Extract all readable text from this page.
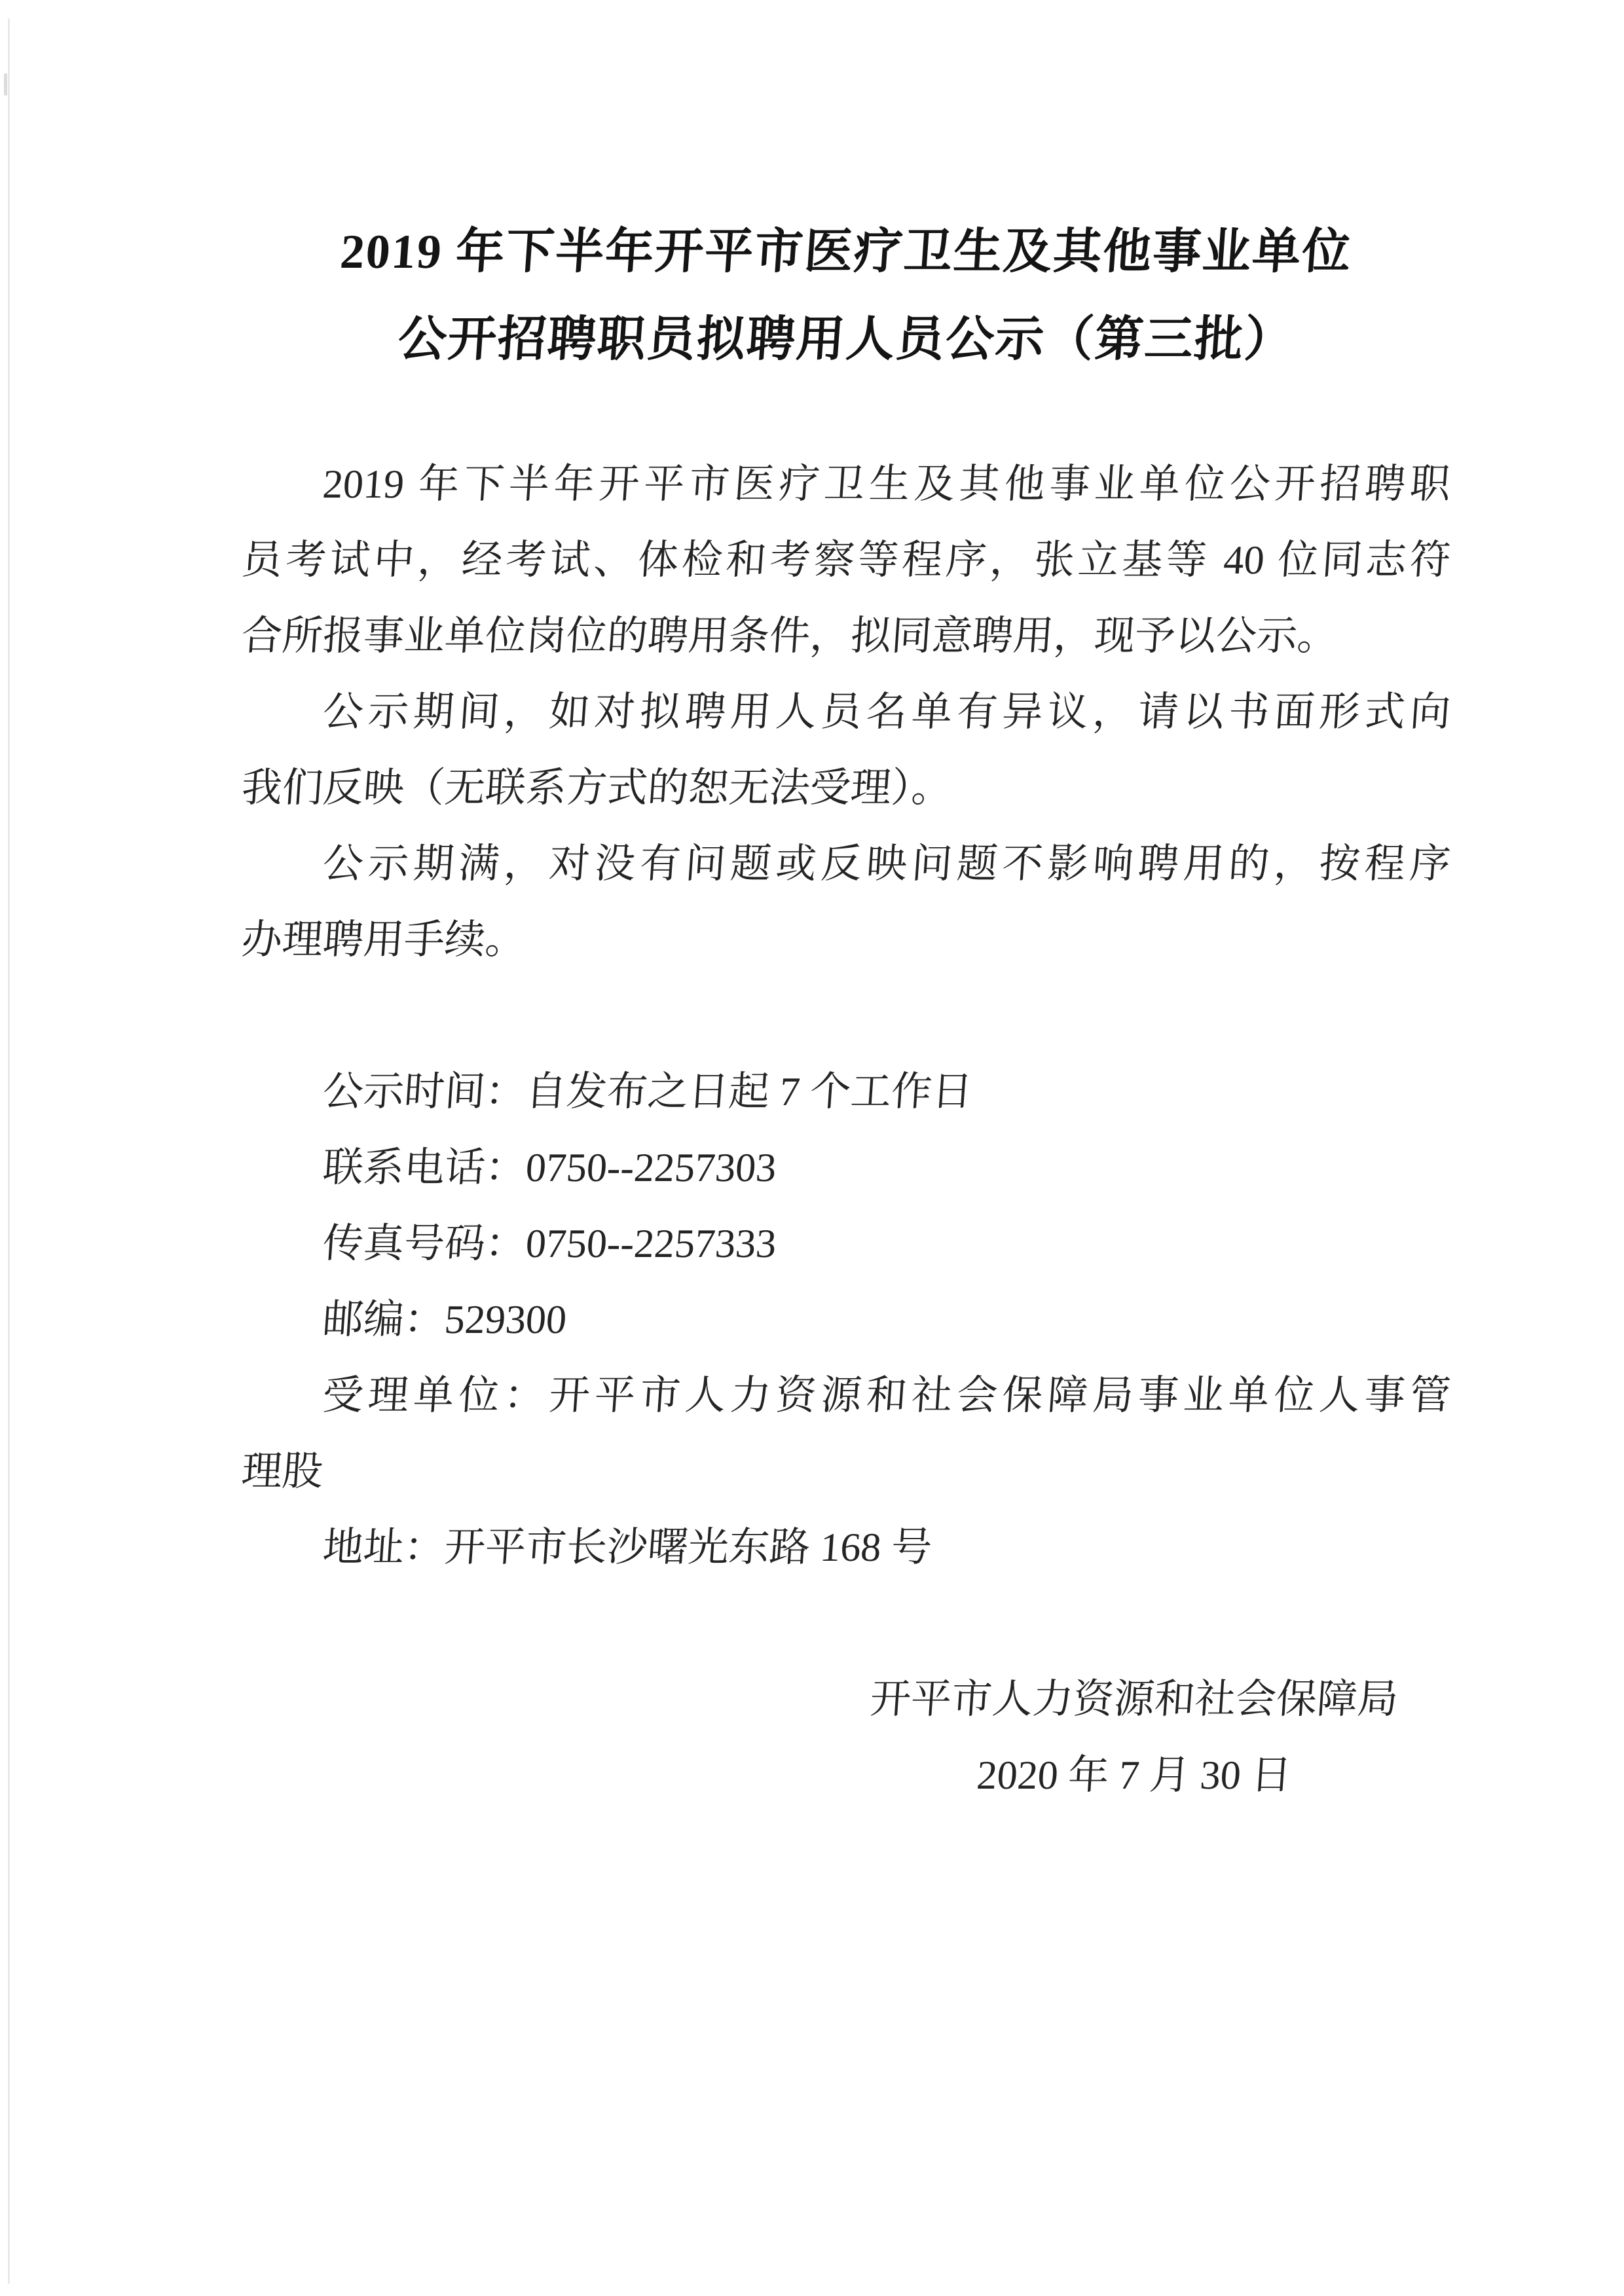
2019 年下半年开平市医疗卫生及其他事业单位
公开招聘职员拟聘用人员公示（第三批）
2019 年下半年开平市医疗卫生及其他事业单位公开招聘职
员考试中，经考试、体检和考察等程序，张立基等 40 位同志符
合所报事业单位岗位的聘用条件，拟同意聘用，现予以公示。
公示期间，如对拟聘用人员名单有异议，请以书面形式向
我们反映（无联系方式的恕无法受理）。
公示期满，对没有问题或反映问题不影响聘用的，按程序
办理聘用手续。
公示时间：自发布之日起 7 个工作日
联系电话：0750--2257303
传真号码：0750--2257333
邮编：529300
受理单位：开平市人力资源和社会保障局事业单位人事管
理股
地址：开平市长沙曙光东路 168 号
开平市人力资源和社会保障局
2020 年 7 月 30 日
